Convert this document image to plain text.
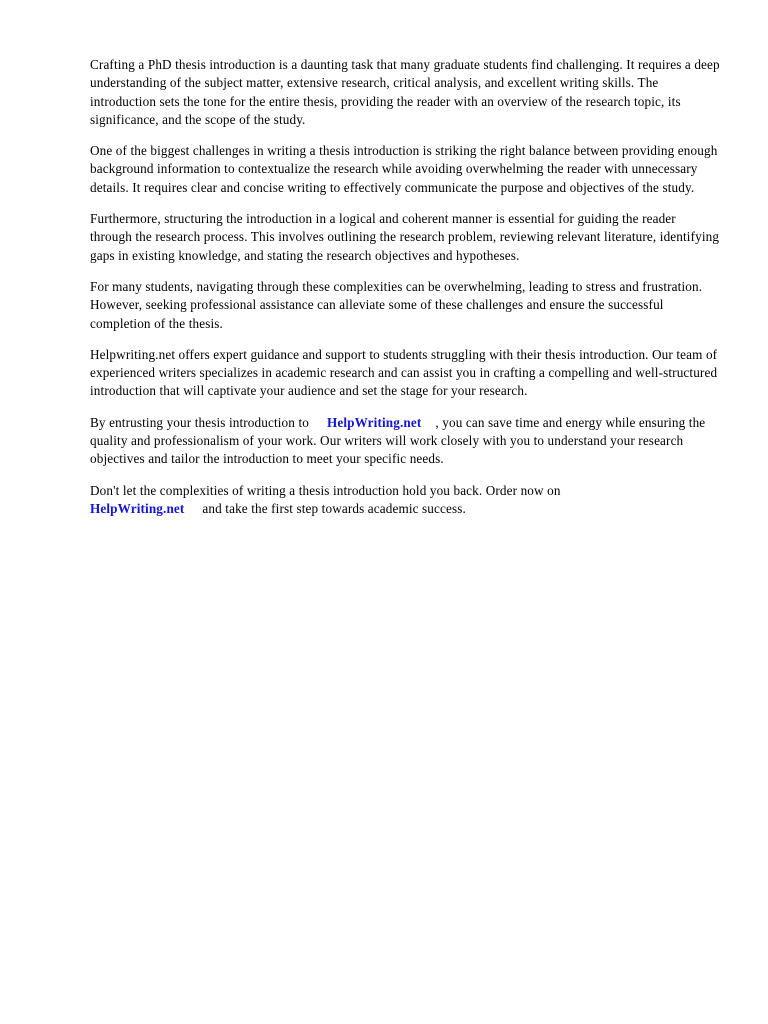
Crafting a PhD thesis introduction is a daunting task that many graduate students find challenging. It requires a deep understanding of the subject matter, extensive research, critical analysis, and excellent writing skills. The introduction sets the tone for the entire thesis, providing the reader with an overview of the research topic, its significance, and the scope of the study.

One of the biggest challenges in writing a thesis introduction is striking the right balance between providing enough background information to contextualize the research while avoiding overwhelming the reader with unnecessary details. It requires clear and concise writing to effectively communicate the purpose and objectives of the study.

Furthermore, structuring the introduction in a logical and coherent manner is essential for guiding the reader through the research process. This involves outlining the research problem, reviewing relevant literature, identifying gaps in existing knowledge, and stating the research objectives and hypotheses.

For many students, navigating through these complexities can be overwhelming, leading to stress and frustration. However, seeking professional assistance can alleviate some of these challenges and ensure the successful completion of the thesis.

Helpwriting.net offers expert guidance and support to students struggling with their thesis introduction. Our team of experienced writers specializes in academic research and can assist you in crafting a compelling and well-structured introduction that will captivate your audience and set the stage for your research.

By entrusting your thesis introduction to HelpWriting.net , you can save time and energy while ensuring the quality and professionalism of your work. Our writers will work closely with you to understand your research objectives and tailor the introduction to meet your specific needs.

Don't let the complexities of writing a thesis introduction hold you back. Order now on
HelpWriting.net and take the first step towards academic success.
